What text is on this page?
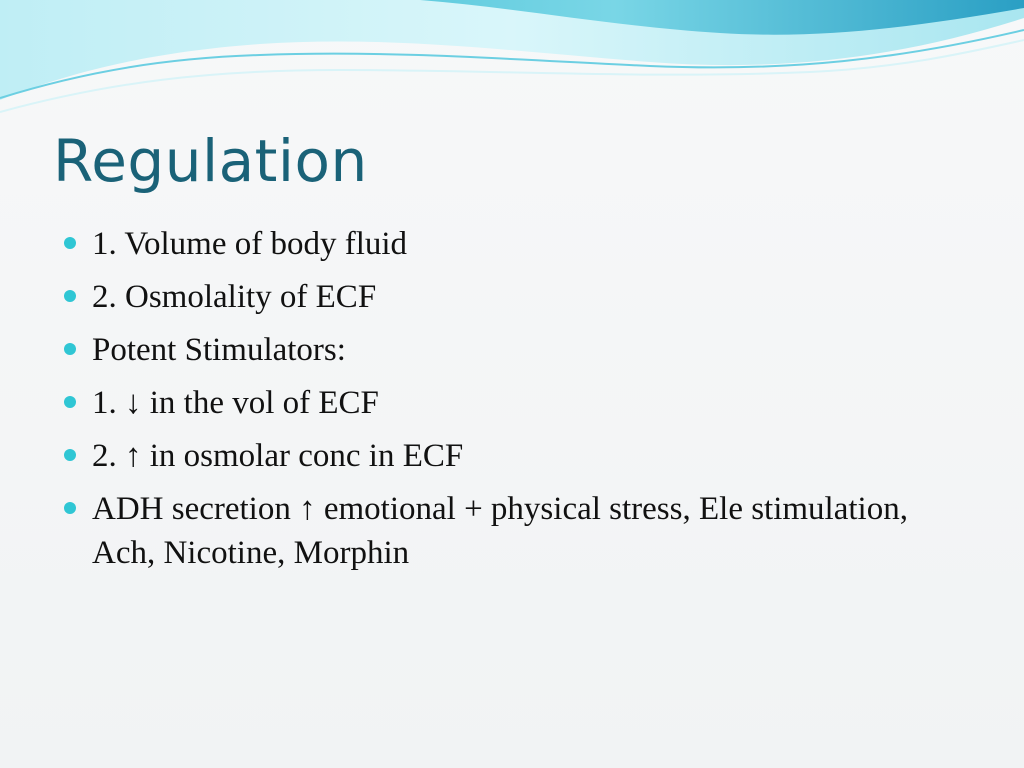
Regulation
1. Volume of body fluid
2. Osmolality of ECF
Potent Stimulators:
1. ↓ in the vol of ECF
2. ↑ in osmolar conc in ECF
ADH secretion ↑ emotional + physical stress, Ele stimulation, Ach, Nicotine, Morphin
